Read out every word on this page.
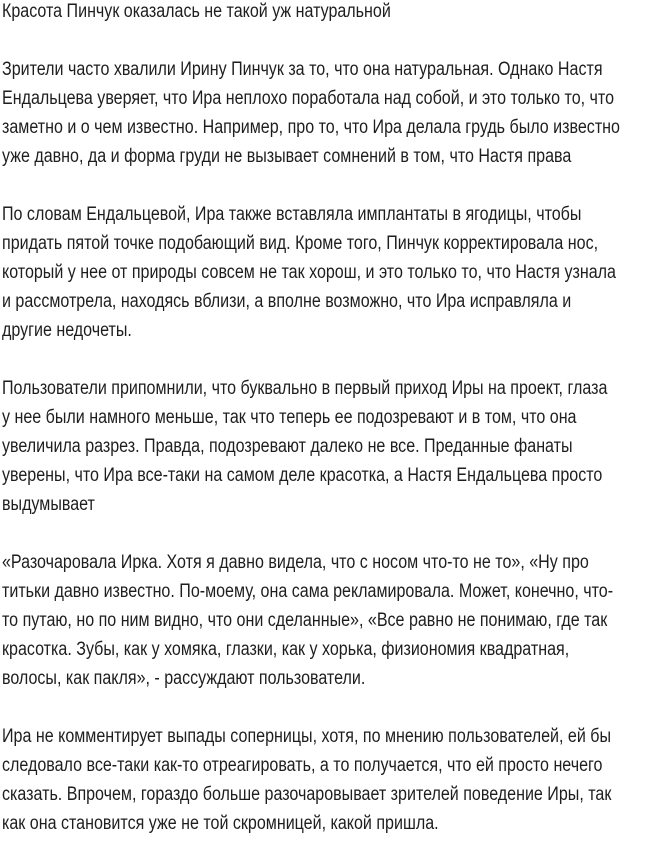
Красота Пинчук оказалась не такой уж натуральной
Зрители часто хвалили Ирину Пинчук за то, что она натуральная. Однако Настя
Ендальцева уверяет, что Ира неплохо поработала над собой, и это только то, что
заметно и о чем известно. Например, про то, что Ира делала грудь было известно
уже давно, да и форма груди не вызывает сомнений в том, что Настя права
По словам Ендальцевой, Ира также вставляла имплантаты в ягодицы, чтобы
придать пятой точке подобающий вид. Кроме того, Пинчук корректировала нос,
который у нее от природы совсем не так хорош, и это только то, что Настя узнала
и рассмотрела, находясь вблизи, а вполне возможно, что Ира исправляла и
другие недочеты.
Пользователи припомнили, что буквально в первый приход Иры на проект, глаза
у нее были намного меньше, так что теперь ее подозревают и в том, что она
увеличила разрез. Правда, подозревают далеко не все. Преданные фанаты
уверены, что Ира все-таки на самом деле красотка, а Настя Ендальцева просто
выдумывает
«Разочаровала Ирка. Хотя я давно видела, что с носом что-то не то», «Ну про
титьки давно известно. По-моему, она сама рекламировала. Может, конечно, что-
то путаю, но по ним видно, что они сделанные», «Все равно не понимаю, где так
красотка. Зубы, как у хомяка, глазки, как у хорька, физиономия квадратная,
волосы, как пакля», - рассуждают пользователи.
Ира не комментирует выпады соперницы, хотя, по мнению пользователей, ей бы
следовало все-таки как-то отреагировать, а то получается, что ей просто нечего
сказать. Впрочем, гораздо больше разочаровывает зрителей поведение Иры, так
как она становится уже не той скромницей, какой пришла.
